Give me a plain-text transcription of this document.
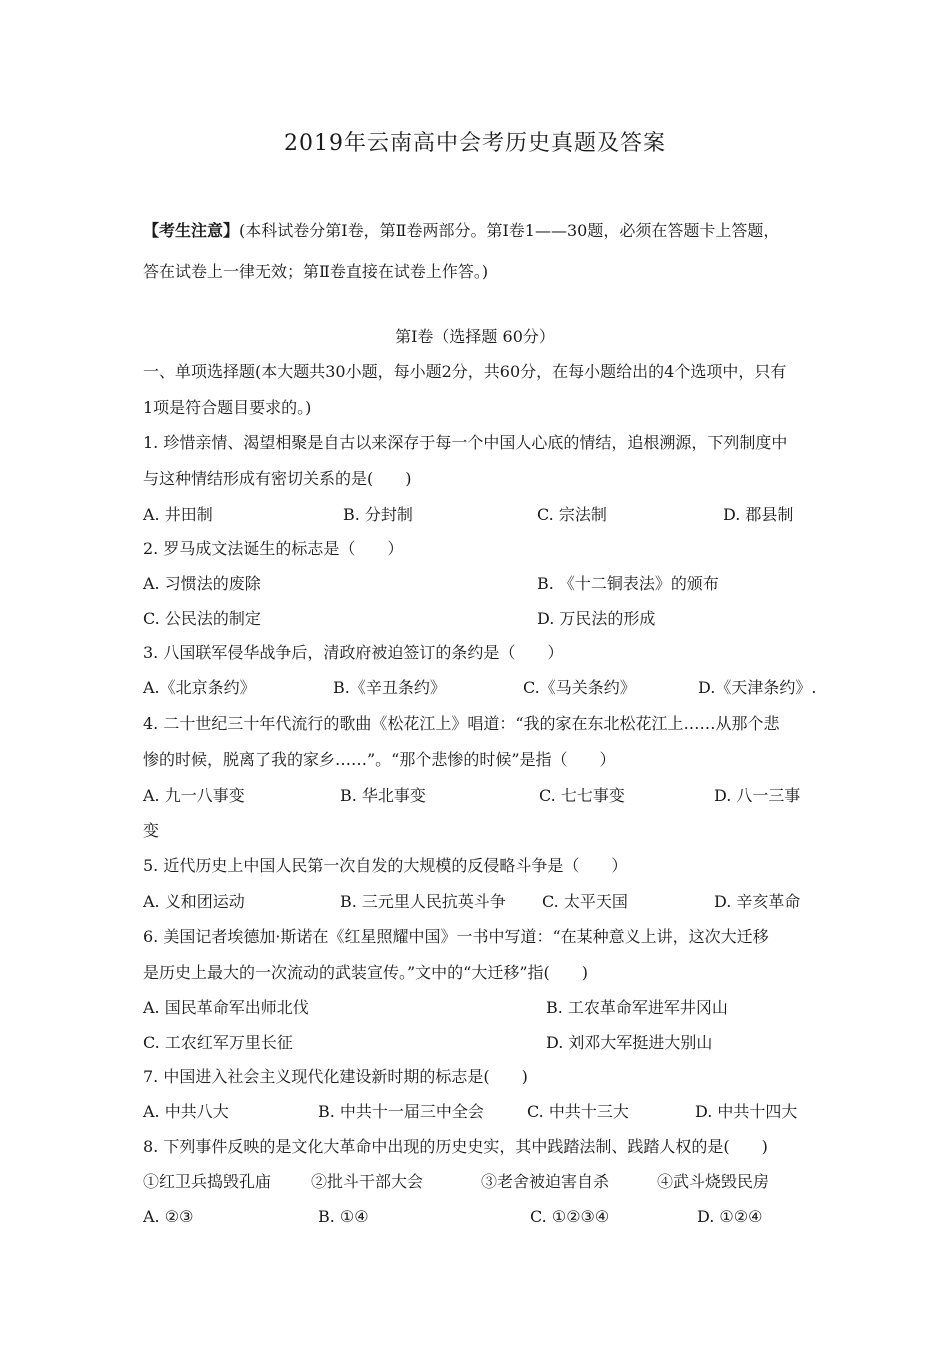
2019年云南高中会考历史真题及答案
【考生注意】(本科试卷分第Ⅰ卷，第Ⅱ卷两部分。第Ⅰ卷1——30题，必须在答题卡上答题，
答在试卷上一律无效；第Ⅱ卷直接在试卷上作答。)
第Ⅰ卷（选择题 60分）
一、单项选择题(本大题共30小题，每小题2分，共60分，在每小题给出的4个选项中，只有
1项是符合题目要求的。)
1. 珍惜亲情、渴望相聚是自古以来深存于每一个中国人心底的情结，追根溯源，下列制度中
与这种情结形成有密切关系的是(　　)
A. 井田制	B. 分封制	C. 宗法制	D. 郡县制
2. 罗马成文法诞生的标志是（　　）
A. 习惯法的废除	B. 《十二铜表法》的颁布
C. 公民法的制定	D. 万民法的形成
3. 八国联军侵华战争后，清政府被迫签订的条约是（　　）
A.《北京条约》	B.《辛丑条约》	C.《马关条约》	D.《天津条约》.
4. 二十世纪三十年代流行的歌曲《松花江上》唱道：“我的家在东北松花江上……从那个悲
惨的时候，脱离了我的家乡……”。“那个悲惨的时候”是指（　　）
A. 九一八事变	B. 华北事变	C. 七七事变	D. 八一三事
变
5. 近代历史上中国人民第一次自发的大规模的反侵略斗争是（　　）
A. 义和团运动	B. 三元里人民抗英斗争 C. 太平天国	D. 辛亥革命
6. 美国记者埃德加·斯诺在《红星照耀中国》一书中写道：“在某种意义上讲，这次大迁移
是历史上最大的一次流动的武装宣传。”文中的“大迁移”指(　　)
A. 国民革命军出师北伐	B. 工农革命军进军井冈山
C. 工农红军万里长征	D. 刘邓大军挺进大别山
7. 中国进入社会主义现代化建设新时期的标志是(　　)
A. 中共八大	B. 中共十一届三中全会	C. 中共十三大	D. 中共十四大
8. 下列事件反映的是文化大革命中出现的历史史实，其中践踏法制、践踏人权的是(　　)
①红卫兵捣毁孔庙 ②批斗干部大会	③老舍被迫害自杀	④武斗烧毁民房
A. ②③	B. ①④	C. ①②③④	D. ①②④
